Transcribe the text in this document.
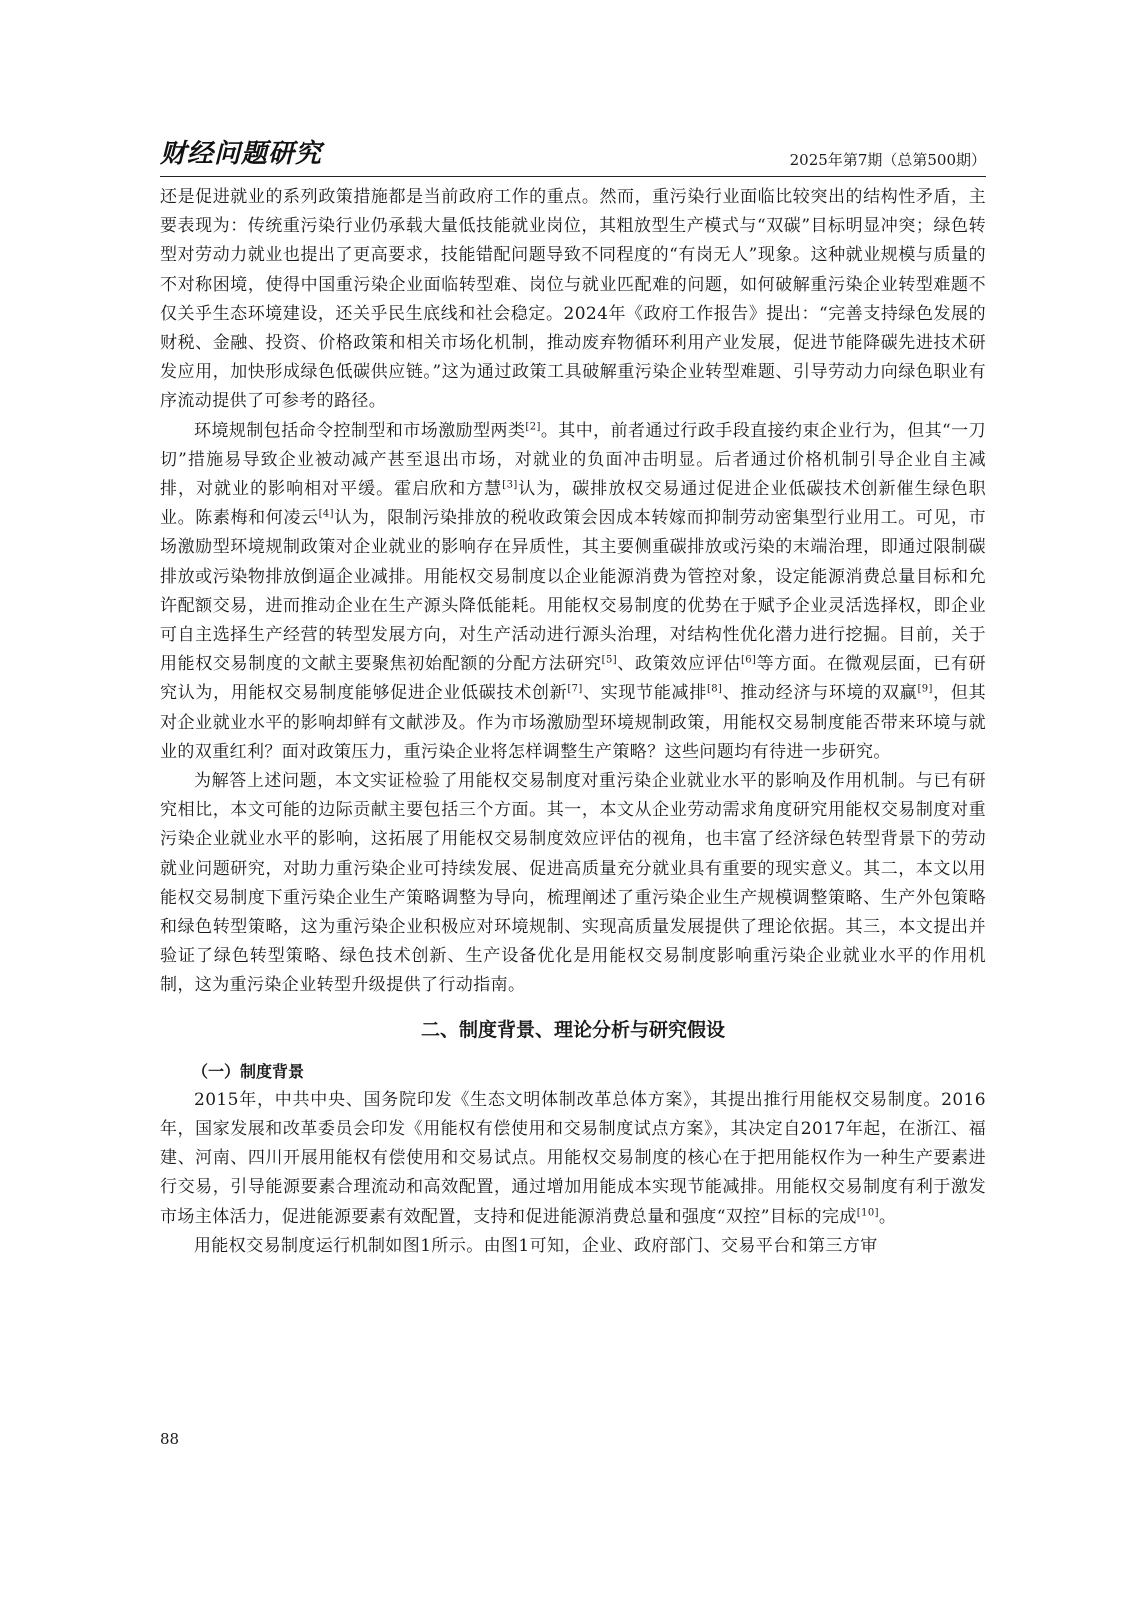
财经问题研究	2025年第7期（总第500期）

还是促进就业的系列政策措施都是当前政府工作的重点。然而，重污染行业面临比较突出的结构性矛盾，主要表现为：传统重污染行业仍承载大量低技能就业岗位，其粗放型生产模式与“双碳”目标明显冲突；绿色转型对劳动力就业也提出了更高要求，技能错配问题导致不同程度的“有岗无人”现象。这种就业规模与质量的不对称困境，使得中国重污染企业面临转型难、岗位与就业匹配难的问题，如何破解重污染企业转型难题不仅关乎生态环境建设，还关乎民生底线和社会稳定。2024年《政府工作报告》提出：“完善支持绿色发展的财税、金融、投资、价格政策和相关市场化机制，推动废弃物循环利用产业发展，促进节能降碳先进技术研发应用，加快形成绿色低碳供应链。”这为通过政策工具破解重污染企业转型难题、引导劳动力向绿色职业有序流动提供了可参考的路径。

环境规制包括命令控制型和市场激励型两类[2]。其中，前者通过行政手段直接约束企业行为，但其“一刀切”措施易导致企业被动减产甚至退出市场，对就业的负面冲击明显。后者通过价格机制引导企业自主减排，对就业的影响相对平缓。霍启欣和方慧[3]认为，碳排放权交易通过促进企业低碳技术创新催生绿色职业。陈素梅和何凌云[4]认为，限制污染排放的税收政策会因成本转嫁而抑制劳动密集型行业用工。可见，市场激励型环境规制政策对企业就业的影响存在异质性，其主要侧重碳排放或污染的末端治理，即通过限制碳排放或污染物排放倒逼企业减排。用能权交易制度以企业能源消费为管控对象，设定能源消费总量目标和允许配额交易，进而推动企业在生产源头降低能耗。用能权交易制度的优势在于赋予企业灵活选择权，即企业可自主选择生产经营的转型发展方向，对生产活动进行源头治理，对结构性优化潜力进行挖掘。目前，关于用能权交易制度的文献主要聚焦初始配额的分配方法研究[5]、政策效应评估[6]等方面。在微观层面，已有研究认为，用能权交易制度能够促进企业低碳技术创新[7]、实现节能减排[8]、推动经济与环境的双赢[9]，但其对企业就业水平的影响却鲜有文献涉及。作为市场激励型环境规制政策，用能权交易制度能否带来环境与就业的双重红利？面对政策压力，重污染企业将怎样调整生产策略？这些问题均有待进一步研究。

为解答上述问题，本文实证检验了用能权交易制度对重污染企业就业水平的影响及作用机制。与已有研究相比，本文可能的边际贡献主要包括三个方面。其一，本文从企业劳动需求角度研究用能权交易制度对重污染企业就业水平的影响，这拓展了用能权交易制度效应评估的视角，也丰富了经济绿色转型背景下的劳动就业问题研究，对助力重污染企业可持续发展、促进高质量充分就业具有重要的现实意义。其二，本文以用能权交易制度下重污染企业生产策略调整为导向，梳理阐述了重污染企业生产规模调整策略、生产外包策略和绿色转型策略，这为重污染企业积极应对环境规制、实现高质量发展提供了理论依据。其三，本文提出并验证了绿色转型策略、绿色技术创新、生产设备优化是用能权交易制度影响重污染企业就业水平的作用机制，这为重污染企业转型升级提供了行动指南。

二、制度背景、理论分析与研究假设
（一）制度背景

2015年，中共中央、国务院印发《生态文明体制改革总体方案》，其提出推行用能权交易制度。2016年，国家发展和改革委员会印发《用能权有偿使用和交易制度试点方案》，其决定自2017年起，在浙江、福建、河南、四川开展用能权有偿使用和交易试点。用能权交易制度的核心在于把用能权作为一种生产要素进行交易，引导能源要素合理流动和高效配置，通过增加用能成本实现节能减排。用能权交易制度有利于激发市场主体活力，促进能源要素有效配置，支持和促进能源消费总量和强度“双控”目标的完成[10]。

用能权交易制度运行机制如图1所示。由图1可知，企业、政府部门、交易平台和第三方审

88
